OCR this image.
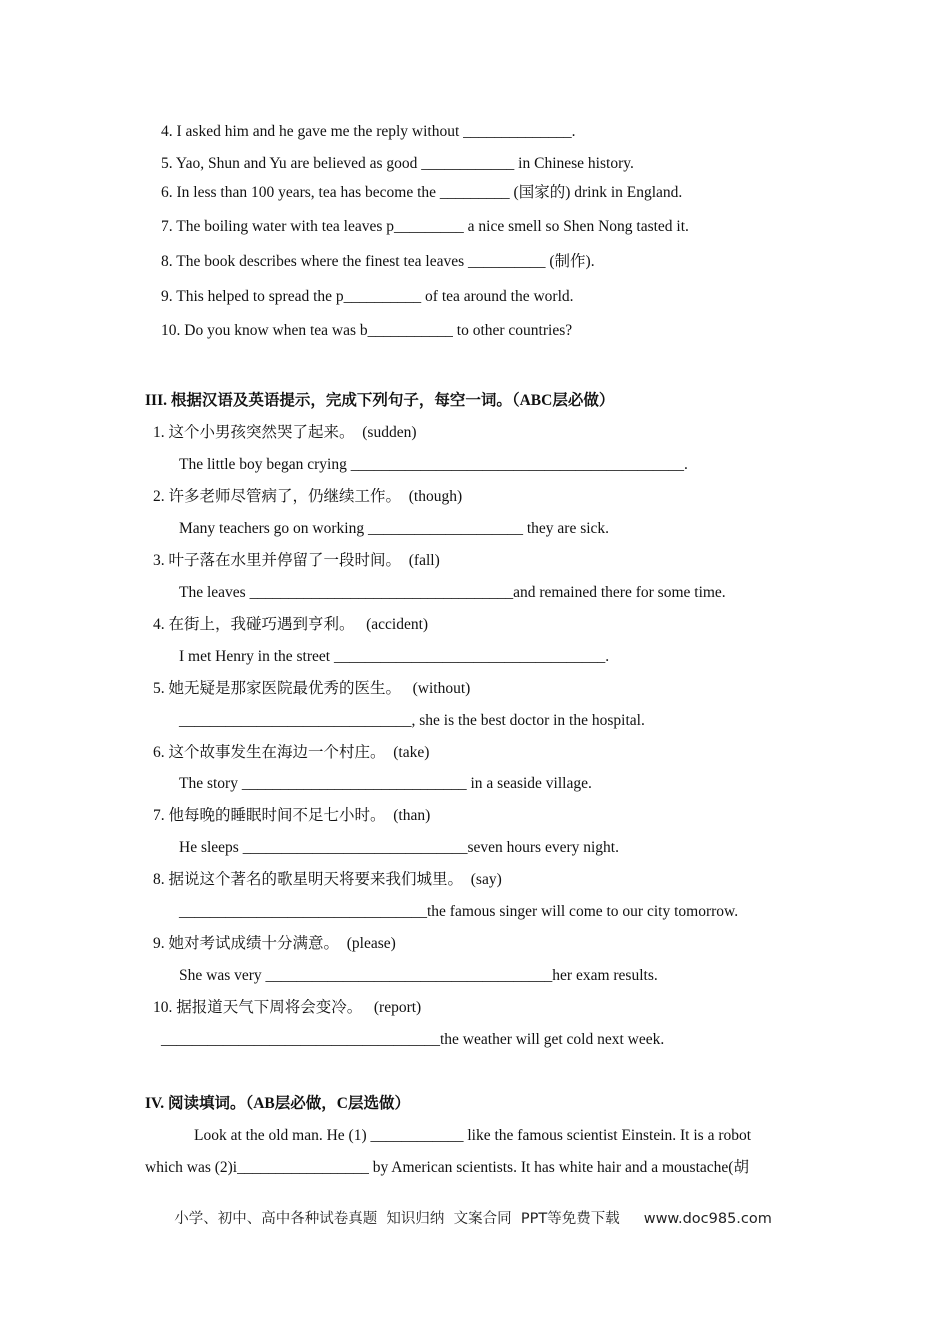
4. I asked him and he gave me the reply without ______________.
5. Yao, Shun and Yu are believed as good ____________ in Chinese history.
6. In less than 100 years, tea has become the _________ (国家的) drink in England.
7. The boiling water with tea leaves p_________ a nice smell so Shen Nong tasted it.
8. The book describes where the finest tea leaves __________ (制作).
9. This helped to spread the p__________ of tea around the world.
10. Do you know when tea was b___________ to other countries?
III. 根据汉语及英语提示，完成下列句子，每空一词。（ABC层必做）
1. 这个小男孩突然哭了起来。  (sudden)
The little boy began crying ___________________________________________.
2. 许多老师尽管病了，仍继续工作。  (though)
Many teachers go on working ____________________ they are sick.
3. 叶子落在水里并停留了一段时间。  (fall)
The leaves __________________________________and remained there for some time.
4. 在街上，我碰巧遇到亨利。   (accident)
I met Henry in the street ___________________________________.
5. 她无疑是那家医院最优秀的医生。   (without)
______________________________, she is the best doctor in the hospital.
6. 这个故事发生在海边一个村庄。  (take)
The story _____________________________ in a seaside village.
7. 他每晚的睡眠时间不足七小时。  (than)
He sleeps _____________________________seven hours every night.
8. 据说这个著名的歌星明天将要来我们城里。  (say)
________________________________the famous singer will come to our city tomorrow.
9. 她对考试成绩十分满意。  (please)
She was very _____________________________________her exam results.
10. 据报道天气下周将会变冷。   (report)
____________________________________the weather will get cold next week.
IV. 阅读填词。（AB层必做，C层选做）
Look at the old man. He (1) ____________ like the famous scientist Einstein. It is a robot
which was (2)i_________________ by American scientists. It has white hair and a moustache(胡

小学、初中、高中各种试卷真题  知识归纳  文案合同  PPT等免费下载 www.doc985.com
